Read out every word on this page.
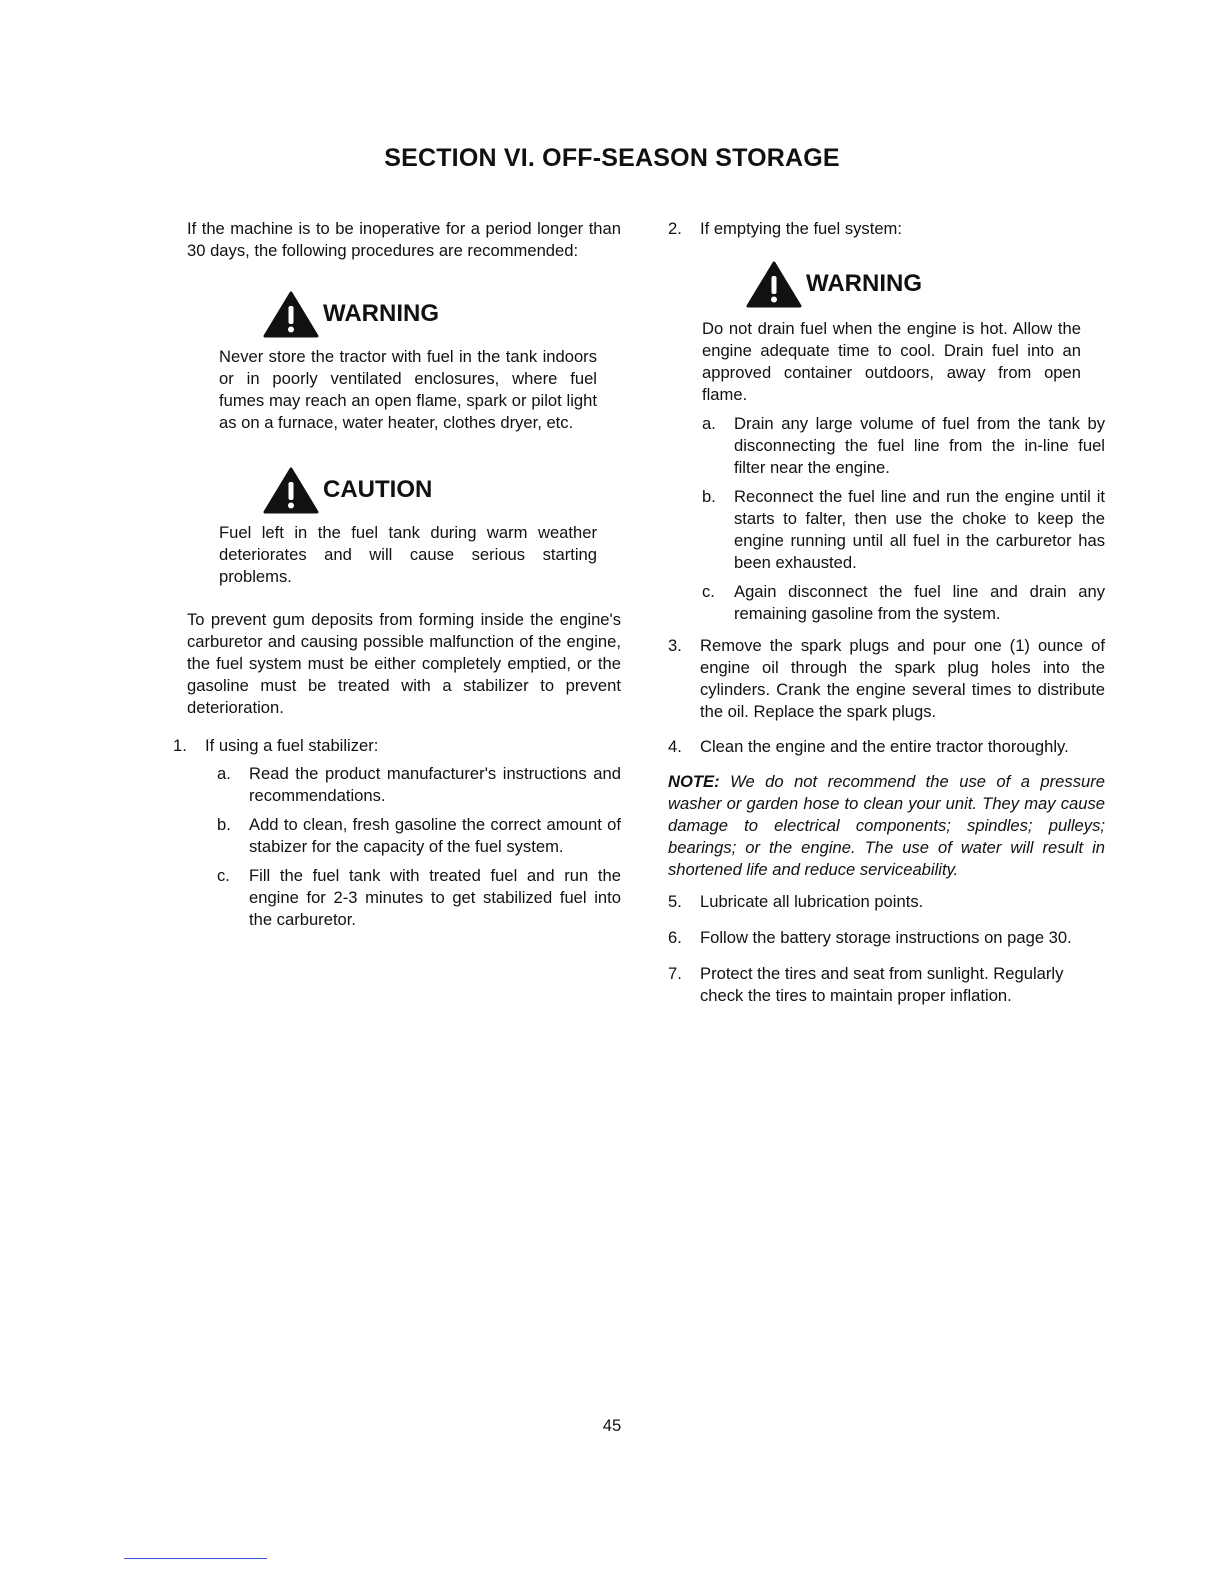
SECTION VI. OFF-SEASON STORAGE

If the machine is to be inoperative for a period longer than 30 days, the following procedures are recommended:

WARNING

Never store the tractor with fuel in the tank indoors or in poorly ventilated enclosures, where fuel fumes may reach an open flame, spark or pilot light as on a furnace, water heater, clothes dryer, etc.

CAUTION

Fuel left in the fuel tank during warm weather deteriorates and will cause serious starting problems.

To prevent gum deposits from forming inside the engine's carburetor and causing possible malfunction of the engine, the fuel system must be either completely emptied, or the gasoline must be treated with a stabilizer to prevent deterioration.

1.	If using a fuel stabilizer:
a.	Read the product manufacturer's instructions and recommendations.
b.	Add to clean, fresh gasoline the correct amount of stabizer for the capacity of the fuel system.
c.	Fill the fuel tank with treated fuel and run the engine for 2-3 minutes to get stabilized fuel into the carburetor.
2.	If emptying the fuel system:
WARNING

Do not drain fuel when the engine is hot. Allow the engine adequate time to cool. Drain fuel into an approved container outdoors, away from open flame.

a.	Drain any large volume of fuel from the tank by disconnecting the fuel line from the in-line fuel filter near the engine.
b.	Reconnect the fuel line and run the engine until it starts to falter, then use the choke to keep the engine running until all fuel in the carburetor has been exhausted.
c.	Again disconnect the fuel line and drain any remaining gasoline from the system.
3.	Remove the spark plugs and pour one (1) ounce of engine oil through the spark plug holes into the cylinders. Crank the engine several times to distribute the oil. Replace the spark plugs.
4.	Clean the engine and the entire tractor thoroughly.

NOTE: We do not recommend the use of a pressure washer or garden hose to clean your unit. They may cause damage to electrical components; spindles; pulleys; bearings; or the engine. The use of water will result in shortened life and reduce serviceability.

5.	Lubricate all lubrication points.
6.	Follow the battery storage instructions on page 30.
7.	Protect the tires and seat from sunlight. Regularly check the tires to maintain proper inflation.
45
